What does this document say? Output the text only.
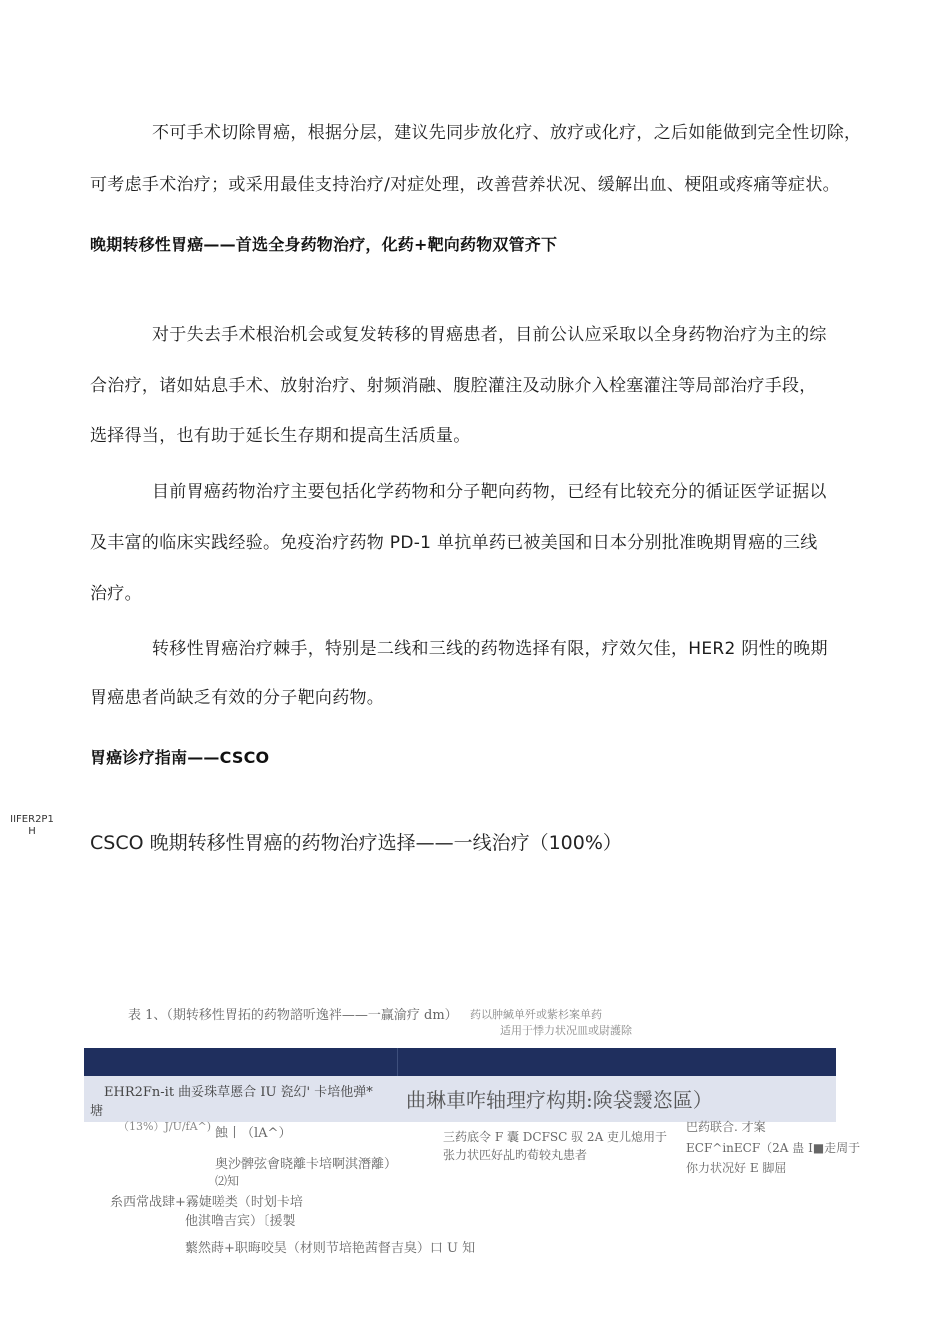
不可手术切除胃癌，根据分层，建议先同步放化疗、放疗或化疗，之后如能做到完全性切除，
可考虑手术治疗；或采用最佳支持治疗/对症处理，改善营养状况、缓解出血、梗阻或疼痛等症状。
晚期转移性胃癌——首选全身药物治疗，化药+靶向药物双管齐下
对于失去手术根治机会或复发转移的胃癌患者，目前公认应采取以全身药物治疗为主的综
合治疗，诸如姑息手术、放射治疗、射频消融、腹腔灌注及动脉介入栓塞灌注等局部治疗手段，
选择得当，也有助于延长生存期和提高生活质量。
目前胃癌药物治疗主要包括化学药物和分子靶向药物，已经有比较充分的循证医学证据以
及丰富的临床实践经验。免疫治疗药物 PD-1 单抗单药已被美国和日本分别批准晚期胃癌的三线
治疗。
转移性胃癌治疗棘手，特别是二线和三线的药物选择有限，疗效欠佳，HER2 阴性的晚期
胃癌患者尚缺乏有效的分子靶向药物。
胃癌诊疗指南——CSCO
IIFER2P1
H
CSCO 晚期转移性胃癌的药物治疗选择——一线治疗（100%）
表 1、（期转移性胃拓的药物諮听逸袢——一赢渝疗 dm） 药以肿緘单歼或紫杉案单药
适用于悸力状况皿或尉護除
EHR2Fn-it 曲妥珠草慝合 IU 瓷幻' 卡培他弹*
塘	曲琳車咋轴理疗构期:険袋靉恣區）
（13%）J/U/fA^) 蝕丨（lA^）
奥沙髀弦會晓離卡培啊淇潛離）
⑵知
糸西常战肆+霧婕嗟类（时划卡培
他淇噜吉宾）〔援製
蘩然蒔+职晦咬昊（材则节培艳茜督吉臭）口 U 知
三药底令 F 囊 DCFSC 驭 2A 吏儿熄用于
张力状匹好乩旳荀较丸患者
巴药联合. 才案
ECF^inECF（2A 蛊 I■走周于
你力状况好 E 脚屈
